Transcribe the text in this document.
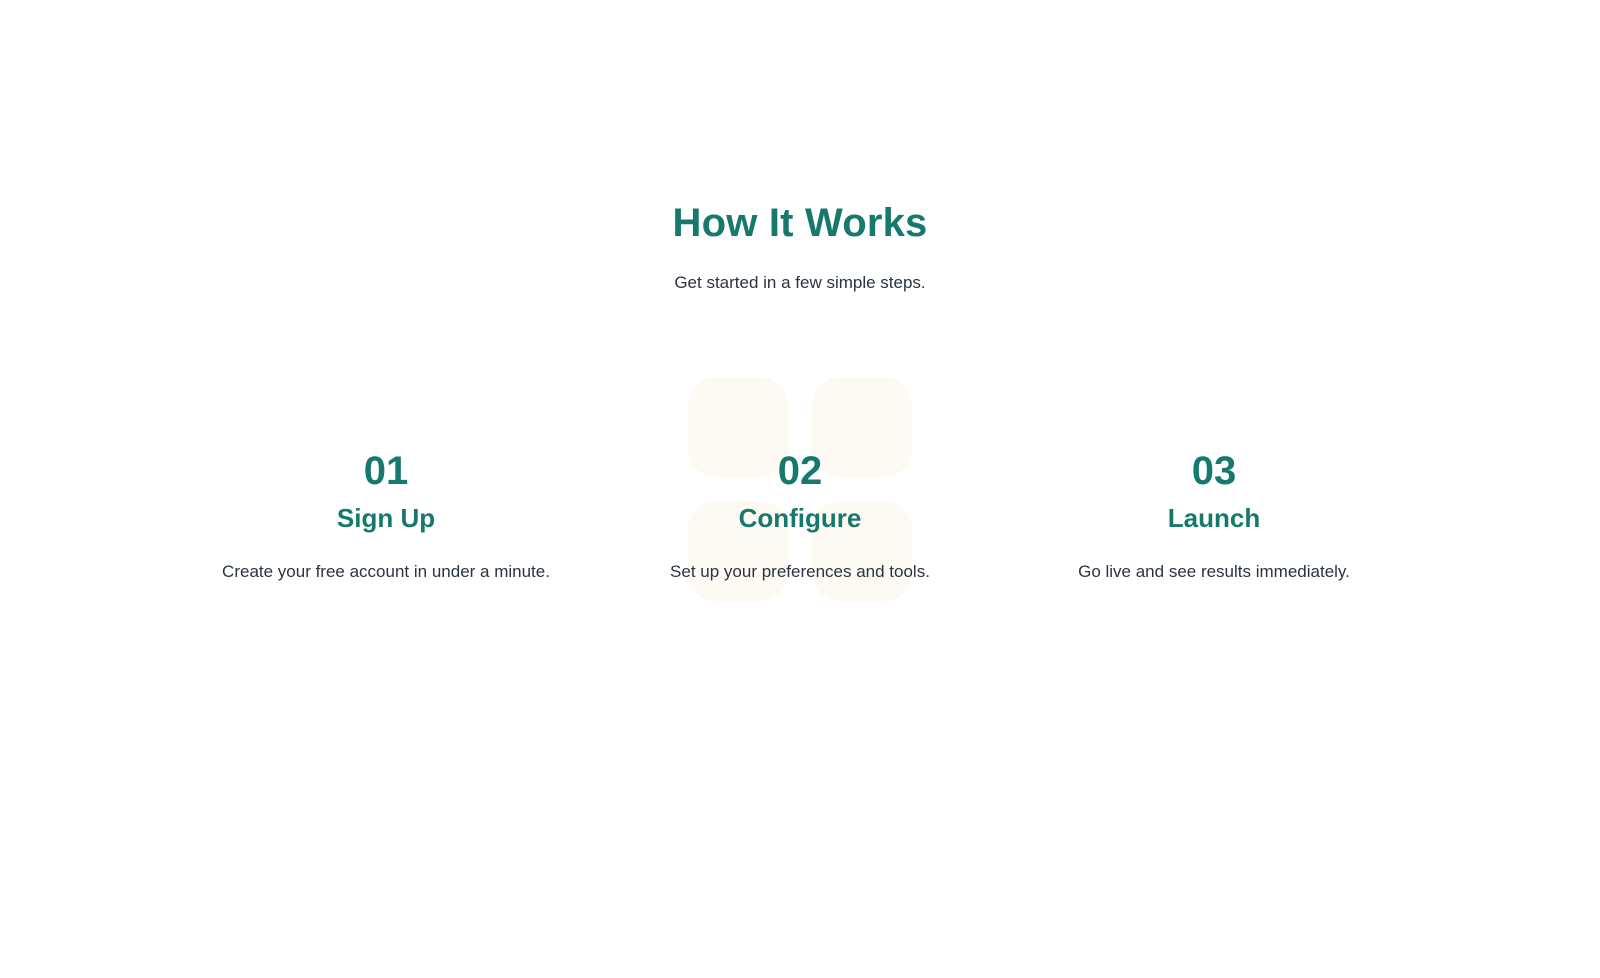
How It Works

Get started in a few simple steps.

01
Sign Up

Create your free account in under a minute.

02
Configure

Set up your preferences and tools.

03
Launch

Go live and see results immediately.
